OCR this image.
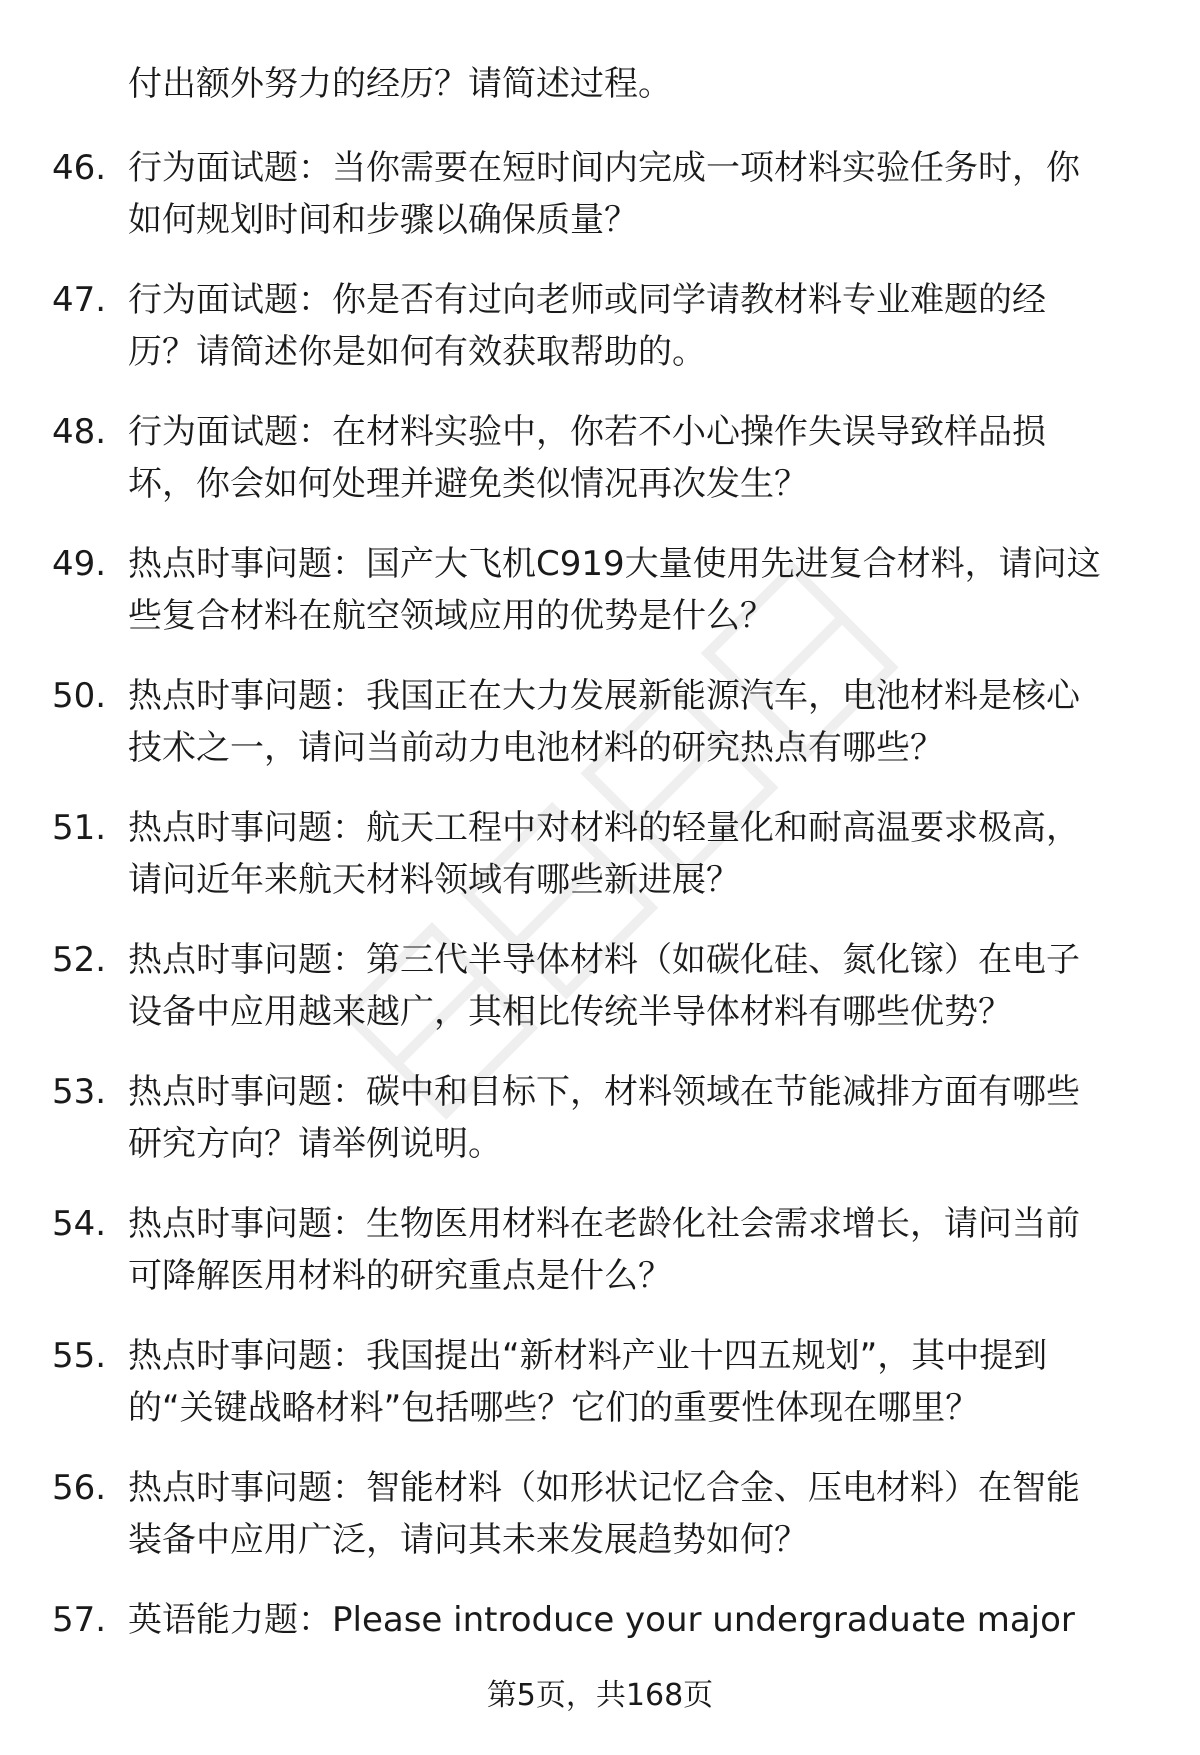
付出额外努力的经历？请简述过程。
46. 行为面试题：当你需要在短时间内完成一项材料实验任务时，你
如何规划时间和步骤以确保质量？
47. 行为面试题：你是否有过向老师或同学请教材料专业难题的经
历？请简述你是如何有效获取帮助的。
48. 行为面试题：在材料实验中，你若不小心操作失误导致样品损
坏，你会如何处理并避免类似情况再次发生？
49. 热点时事问题：国产大飞机C919大量使用先进复合材料，请问这
些复合材料在航空领域应用的优势是什么？
50. 热点时事问题：我国正在大力发展新能源汽车，电池材料是核心
技术之一，请问当前动力电池材料的研究热点有哪些？
51. 热点时事问题：航天工程中对材料的轻量化和耐高温要求极高，
请问近年来航天材料领域有哪些新进展？
52. 热点时事问题：第三代半导体材料（如碳化硅、氮化镓）在电子
设备中应用越来越广，其相比传统半导体材料有哪些优势？
53. 热点时事问题：碳中和目标下，材料领域在节能减排方面有哪些
研究方向？请举例说明。
54. 热点时事问题：生物医用材料在老龄化社会需求增长，请问当前
可降解医用材料的研究重点是什么？
55. 热点时事问题：我国提出“新材料产业十四五规划”，其中提到
的“关键战略材料”包括哪些？它们的重要性体现在哪里？
56. 热点时事问题：智能材料（如形状记忆合金、压电材料）在智能
装备中应用广泛，请问其未来发展趋势如何？
57. 英语能力题：Please introduce your undergraduate major
第5页，共168页
